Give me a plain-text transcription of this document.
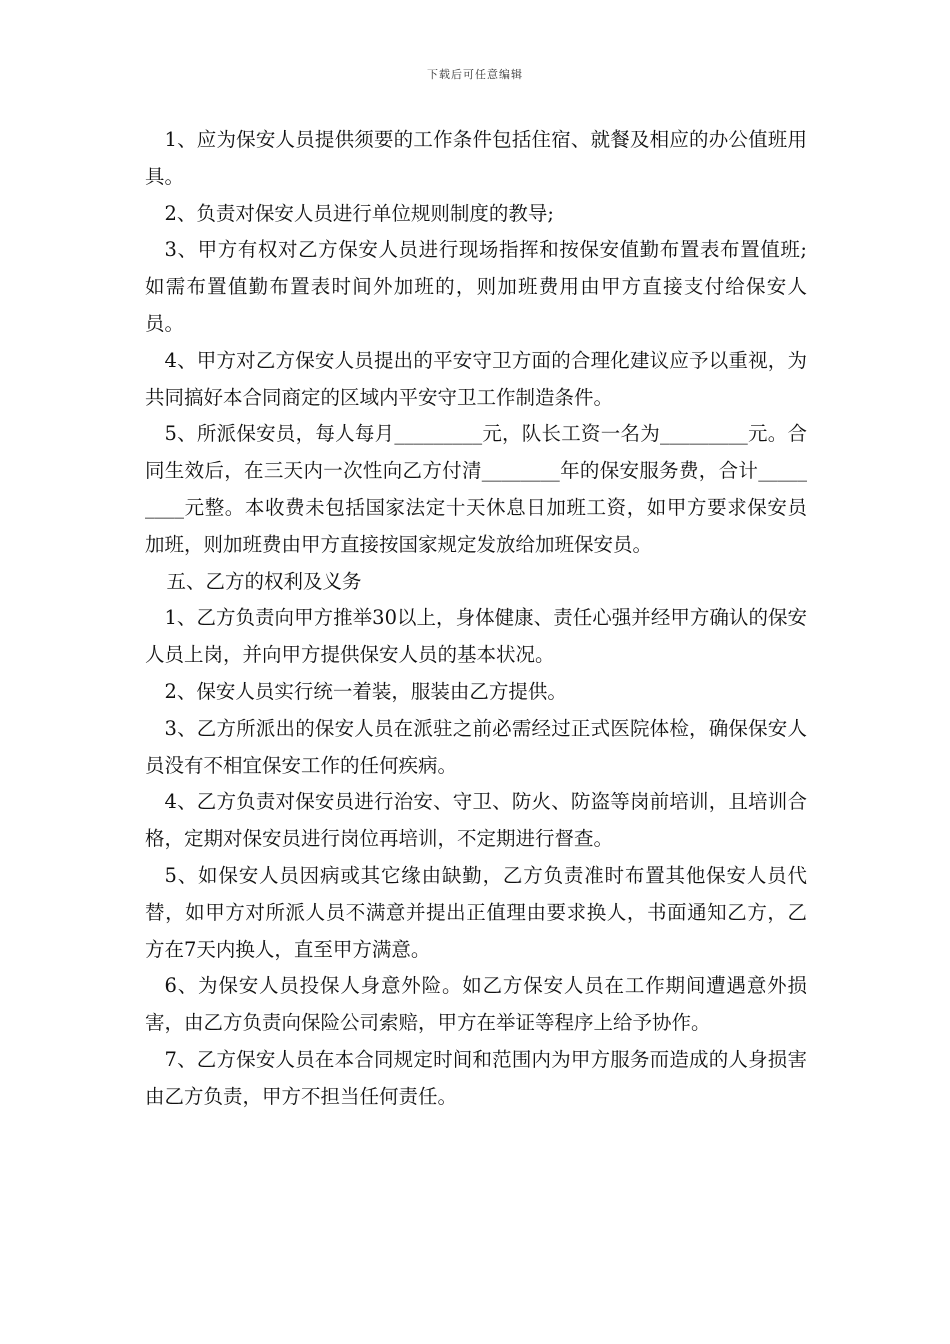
下载后可任意编辑

1、应为保安人员提供须要的工作条件包括住宿、就餐及相应的办公值班用具。

2、负责对保安人员进行单位规则制度的教导;

3、甲方有权对乙方保安人员进行现场指挥和按保安值勤布置表布置值班;如需布置值勤布置表时间外加班的，则加班费用由甲方直接支付给保安人员。

4、甲方对乙方保安人员提出的平安守卫方面的合理化建议应予以重视，为共同搞好本合同商定的区域内平安守卫工作制造条件。

5、所派保安员，每人每月_________元，队长工资一名为_________元。合同生效后，在三天内一次性向乙方付清________年的保安服务费，合计_________元整。本收费未包括国家法定十天休息日加班工资，如甲方要求保安员加班，则加班费由甲方直接按国家规定发放给加班保安员。

五、乙方的权利及义务

1、乙方负责向甲方推举30以上，身体健康、责任心强并经甲方确认的保安人员上岗，并向甲方提供保安人员的基本状况。

2、保安人员实行统一着装，服装由乙方提供。

3、乙方所派出的保安人员在派驻之前必需经过正式医院体检，确保保安人员没有不相宜保安工作的任何疾病。

4、乙方负责对保安员进行治安、守卫、防火、防盗等岗前培训，且培训合格，定期对保安员进行岗位再培训，不定期进行督查。

5、如保安人员因病或其它缘由缺勤，乙方负责准时布置其他保安人员代替，如甲方对所派人员不满意并提出正值理由要求换人，书面通知乙方，乙方在7天内换人，直至甲方满意。

6、为保安人员投保人身意外险。如乙方保安人员在工作期间遭遇意外损害，由乙方负责向保险公司索赔，甲方在举证等程序上给予协作。

7、乙方保安人员在本合同规定时间和范围内为甲方服务而造成的人身损害由乙方负责，甲方不担当任何责任。
